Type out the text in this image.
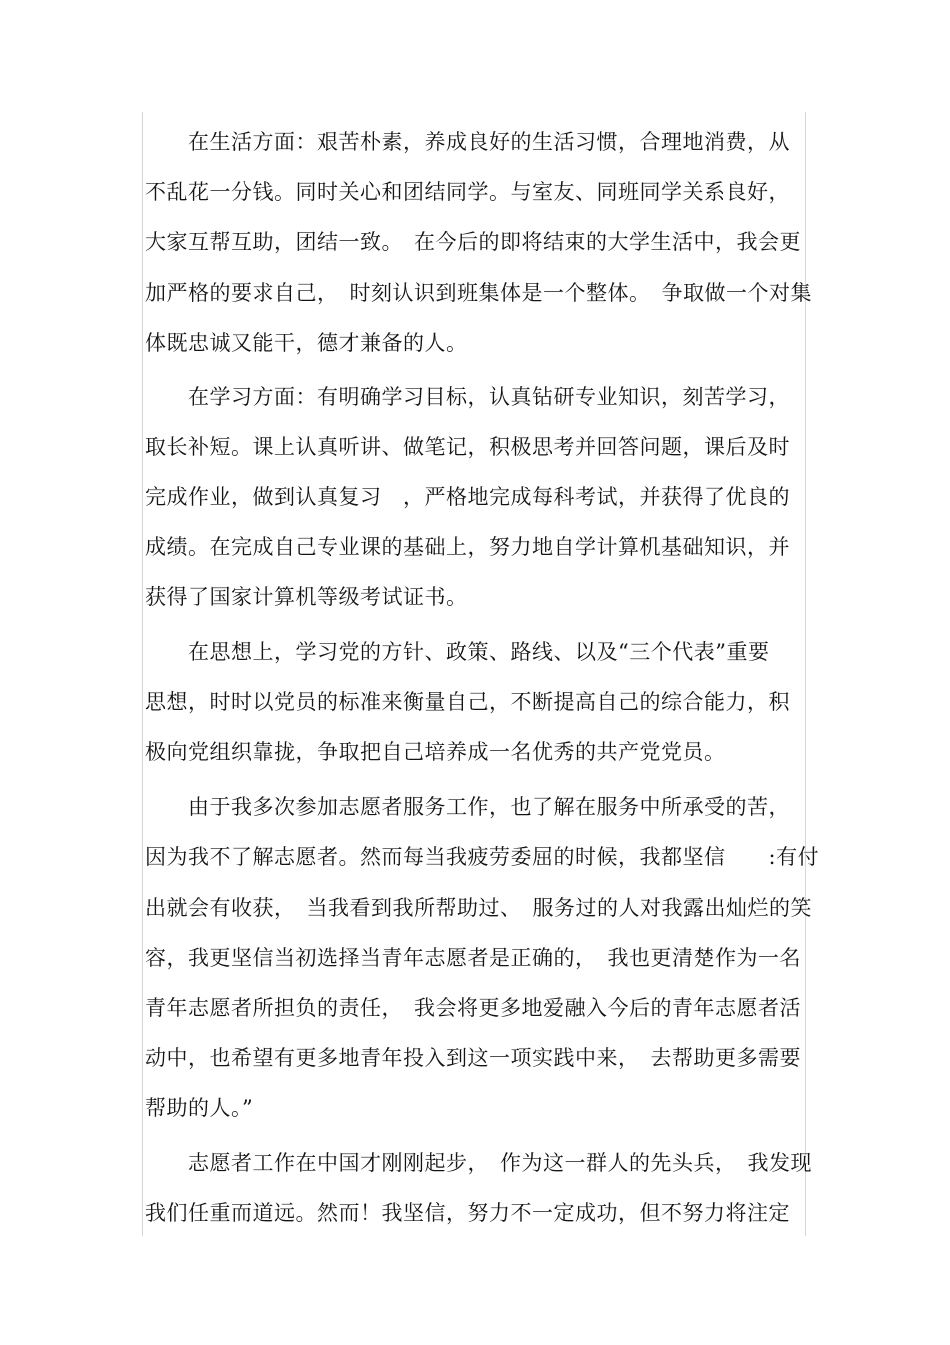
　　在生活方面：艰苦朴素，养成良好的生活习惯，合理地消费，从
不乱花一分钱。同时关心和团结同学。与室友、同班同学关系良好，
大家互帮互助，团结一致。　在今后的即将结束的大学生活中，我会更
加严格的要求自己，　时刻认识到班集体是一个整体。　争取做一个对集
体既忠诚又能干，德才兼备的人。
　　在学习方面：有明确学习目标，认真钻研专业知识，刻苦学习，
取长补短。课上认真听讲、做笔记，积极思考并回答问题，课后及时
完成作业，做到认真复习　，严格地完成每科考试，并获得了优良的
成绩。在完成自己专业课的基础上，努力地自学计算机基础知识，并
获得了国家计算机等级考试证书。
　　在思想上，学习党的方针、政策、路线、以及“三个代表”重要
思想，时时以党员的标准来衡量自己，不断提高自己的综合能力，积
极向党组织靠拢，争取把自己培养成一名优秀的共产党党员。
　　由于我多次参加志愿者服务工作，也了解在服务中所承受的苦，
因为我不了解志愿者。然而每当我疲劳委屈的时候，我都坚信　　:有付
出就会有收获，　当我看到我所帮助过、　服务过的人对我露出灿烂的笑
容，我更坚信当初选择当青年志愿者是正确的，　我也更清楚作为一名
青年志愿者所担负的责任，　我会将更多地爱融入今后的青年志愿者活
动中，也希望有更多地青年投入到这一项实践中来，　去帮助更多需要
帮助的人。”
　　志愿者工作在中国才刚刚起步，　作为这一群人的先头兵，　我发现
我们任重而道远。然而！我坚信，努力不一定成功，但不努力将注定
